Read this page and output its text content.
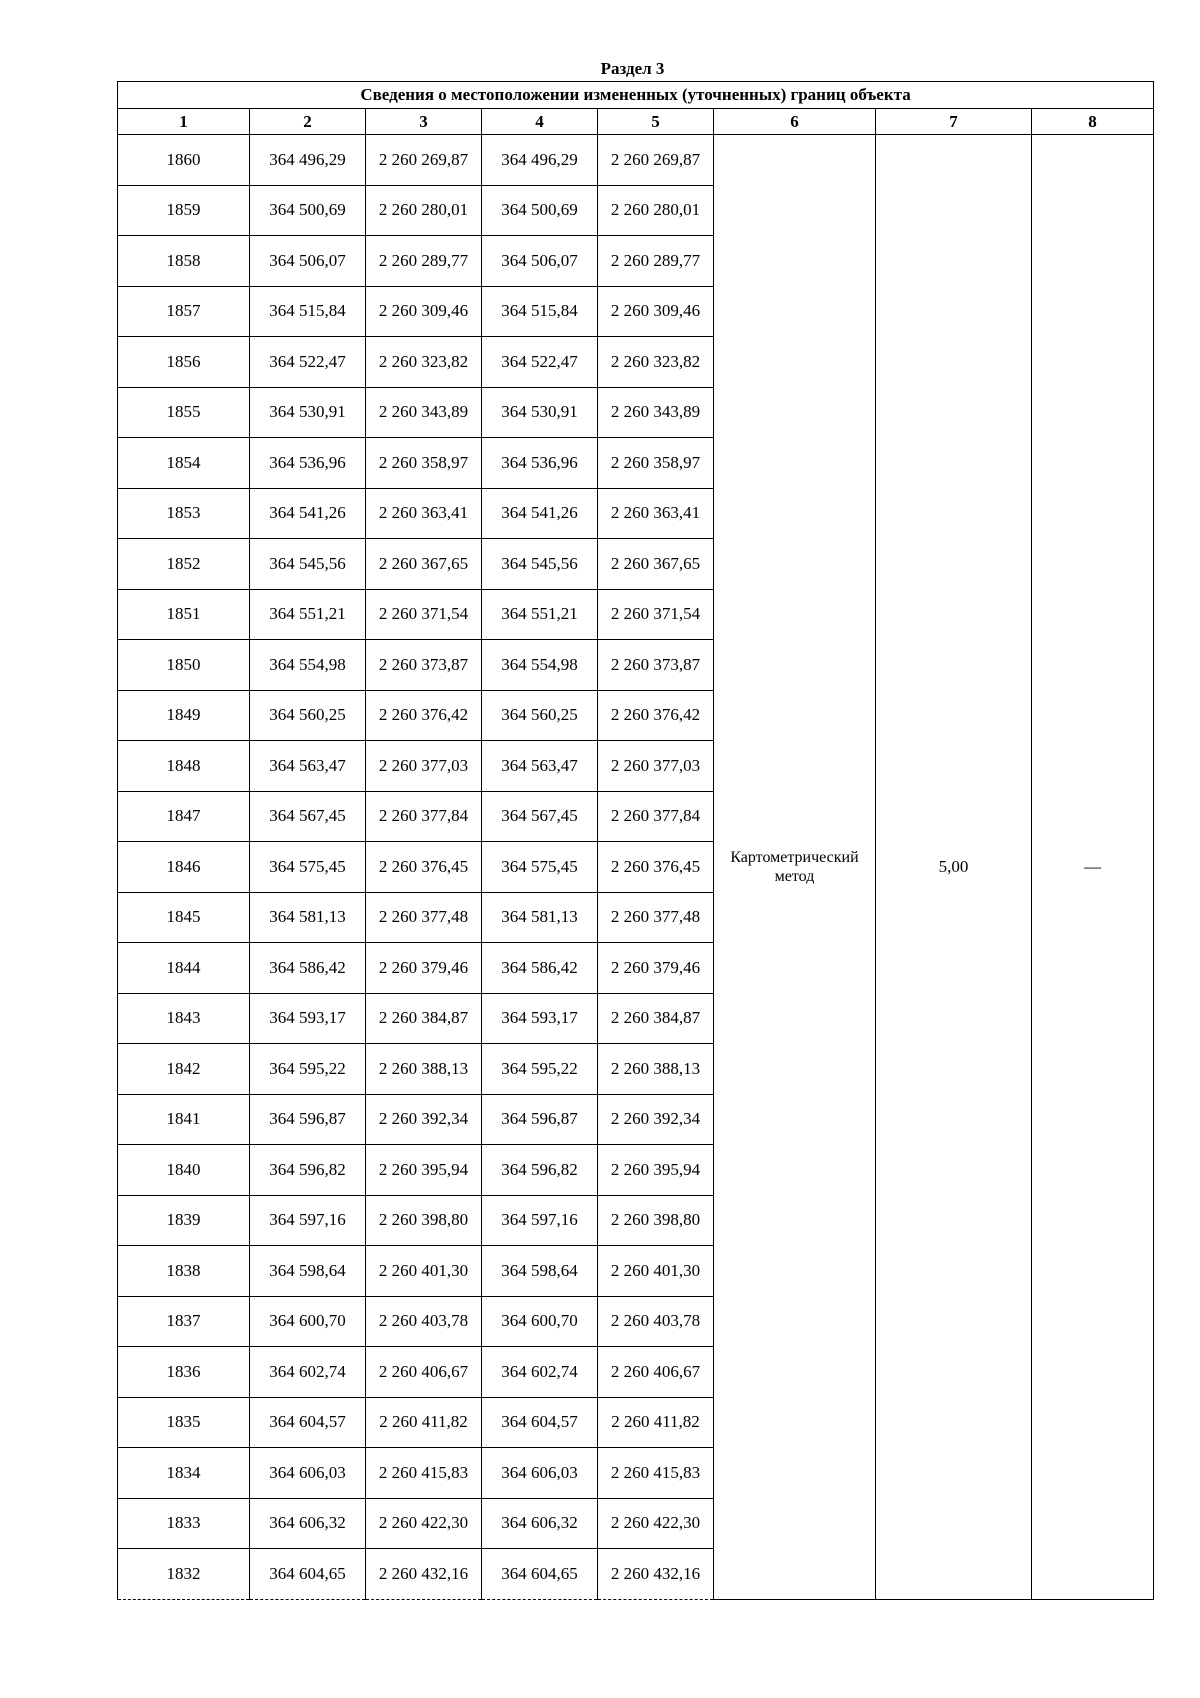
Раздел 3
Сведения о местоположении измененных (уточненных) границ объекта							
1	2	3	4	5	6	7	8
1860	364 496,29	2 260 269,87	364 496,29	2 260 269,87	Картометрический метод	5,00	—
1859	364 500,69	2 260 280,01	364 500,69	2 260 280,01			
1858	364 506,07	2 260 289,77	364 506,07	2 260 289,77			
1857	364 515,84	2 260 309,46	364 515,84	2 260 309,46			
1856	364 522,47	2 260 323,82	364 522,47	2 260 323,82			
1855	364 530,91	2 260 343,89	364 530,91	2 260 343,89			
1854	364 536,96	2 260 358,97	364 536,96	2 260 358,97			
1853	364 541,26	2 260 363,41	364 541,26	2 260 363,41			
1852	364 545,56	2 260 367,65	364 545,56	2 260 367,65			
1851	364 551,21	2 260 371,54	364 551,21	2 260 371,54			
1850	364 554,98	2 260 373,87	364 554,98	2 260 373,87			
1849	364 560,25	2 260 376,42	364 560,25	2 260 376,42			
1848	364 563,47	2 260 377,03	364 563,47	2 260 377,03			
1847	364 567,45	2 260 377,84	364 567,45	2 260 377,84			
1846	364 575,45	2 260 376,45	364 575,45	2 260 376,45			
1845	364 581,13	2 260 377,48	364 581,13	2 260 377,48			
1844	364 586,42	2 260 379,46	364 586,42	2 260 379,46			
1843	364 593,17	2 260 384,87	364 593,17	2 260 384,87			
1842	364 595,22	2 260 388,13	364 595,22	2 260 388,13			
1841	364 596,87	2 260 392,34	364 596,87	2 260 392,34			
1840	364 596,82	2 260 395,94	364 596,82	2 260 395,94			
1839	364 597,16	2 260 398,80	364 597,16	2 260 398,80			
1838	364 598,64	2 260 401,30	364 598,64	2 260 401,30			
1837	364 600,70	2 260 403,78	364 600,70	2 260 403,78			
1836	364 602,74	2 260 406,67	364 602,74	2 260 406,67			
1835	364 604,57	2 260 411,82	364 604,57	2 260 411,82			
1834	364 606,03	2 260 415,83	364 606,03	2 260 415,83			
1833	364 606,32	2 260 422,30	364 606,32	2 260 422,30			
1832	364 604,65	2 260 432,16	364 604,65	2 260 432,16			
